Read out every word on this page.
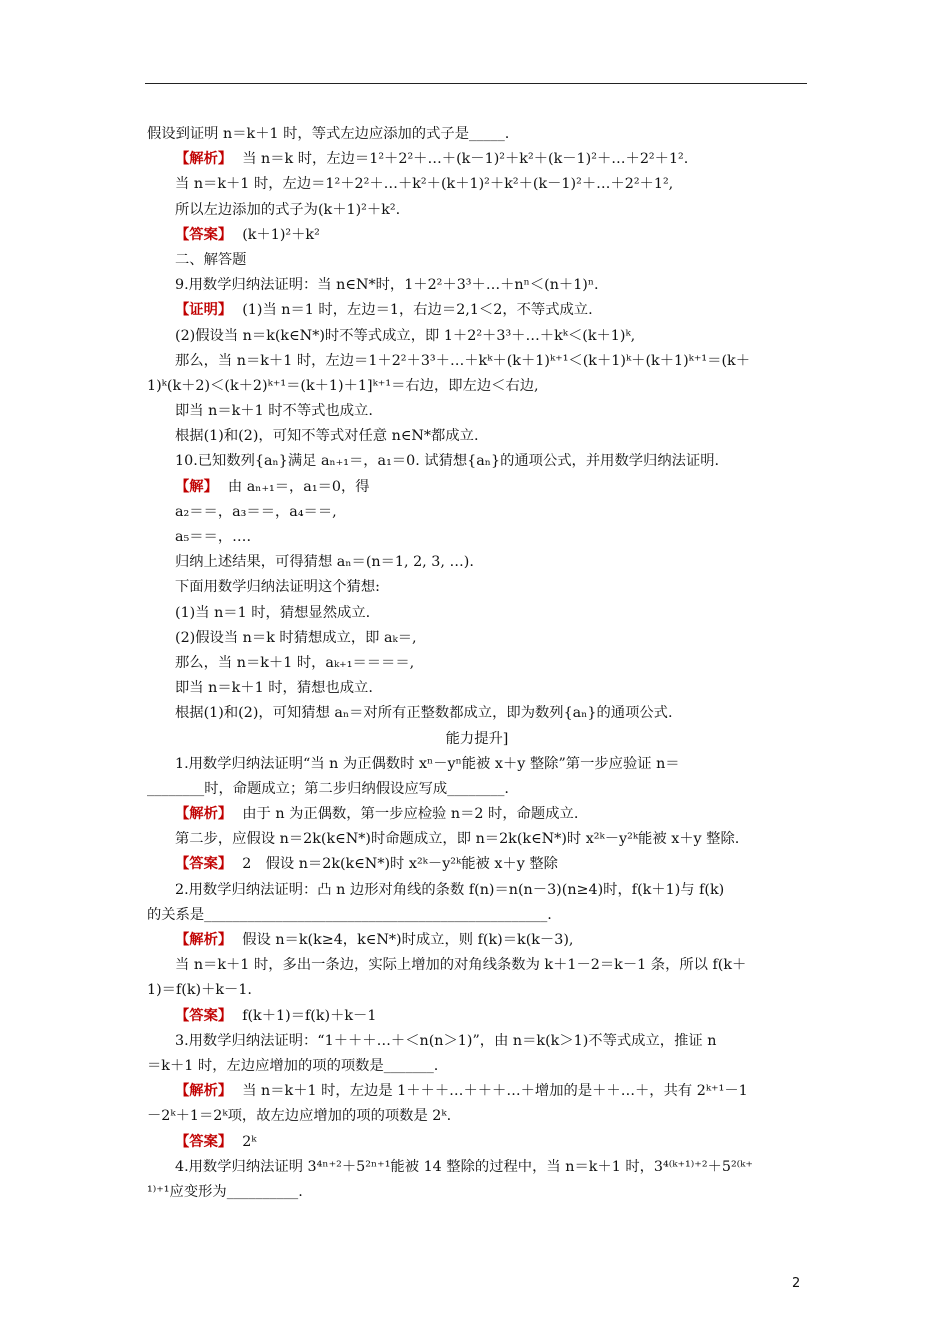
假设到证明 n＝k＋1 时，等式左边应添加的式子是_____.
【解析】 当 n＝k 时，左边＝1²＋2²＋…＋(k－1)²＋k²＋(k－1)²＋…＋2²＋1².
当 n＝k＋1 时，左边＝1²＋2²＋…＋k²＋(k＋1)²＋k²＋(k－1)²＋…＋2²＋1²,
所以左边添加的式子为(k＋1)²＋k².
【答案】 (k＋1)²＋k²
二、解答题
9.用数学归纳法证明：当 n∈N*时，1＋2²＋3³＋…＋nⁿ＜(n＋1)ⁿ.
【证明】 (1)当 n＝1 时，左边＝1，右边＝2,1＜2，不等式成立.
(2)假设当 n＝k(k∈N*)时不等式成立，即 1＋2²＋3³＋…＋kᵏ＜(k＋1)ᵏ,
那么，当 n＝k＋1 时，左边＝1＋2²＋3³＋…＋kᵏ＋(k＋1)ᵏ⁺¹＜(k＋1)ᵏ＋(k＋1)ᵏ⁺¹＝(k＋
1)ᵏ(k＋2)＜(k＋2)ᵏ⁺¹＝(k＋1)＋1]ᵏ⁺¹＝右边，即左边＜右边,
即当 n＝k＋1 时不等式也成立.
根据(1)和(2)，可知不等式对任意 n∈N*都成立.
10.已知数列{aₙ}满足 aₙ₊₁＝，a₁＝0. 试猜想{aₙ}的通项公式，并用数学归纳法证明.
【解】 由 aₙ₊₁＝，a₁＝0，得
a₂＝＝，a₃＝＝，a₄＝＝,
a₅＝＝，….
归纳上述结果，可得猜想 aₙ＝(n＝1, 2, 3, …).
下面用数学归纳法证明这个猜想:
(1)当 n＝1 时，猜想显然成立.
(2)假设当 n＝k 时猜想成立，即 aₖ＝,
那么，当 n＝k＋1 时，aₖ₊₁＝＝＝＝,
即当 n＝k＋1 时，猜想也成立.
根据(1)和(2)，可知猜想 aₙ＝对所有正整数都成立，即为数列{aₙ}的通项公式.
能力提升]
1.用数学归纳法证明“当 n 为正偶数时 xⁿ－yⁿ能被 x＋y 整除”第一步应验证 n＝
________时，命题成立；第二步归纳假设应写成________.
【解析】 由于 n 为正偶数，第一步应检验 n＝2 时，命题成立.
第二步，应假设 n＝2k(k∈N*)时命题成立，即 n＝2k(k∈N*)时 x²ᵏ－y²ᵏ能被 x＋y 整除.
【答案】 2　假设 n＝2k(k∈N*)时 x²ᵏ－y²ᵏ能被 x＋y 整除
2.用数学归纳法证明：凸 n 边形对角线的条数 f(n)＝n(n－3)(n≥4)时，f(k＋1)与 f(k)
的关系是________________________________________________.
【解析】 假设 n＝k(k≥4，k∈N*)时成立，则 f(k)＝k(k－3),
当 n＝k＋1 时，多出一条边，实际上增加的对角线条数为 k＋1－2＝k－1 条，所以 f(k＋
1)＝f(k)＋k－1.
【答案】 f(k＋1)＝f(k)＋k－1
3.用数学归纳法证明：“1＋＋＋…＋＜n(n＞1)”，由 n＝k(k＞1)不等式成立，推证 n
＝k＋1 时，左边应增加的项的项数是_______.
【解析】 当 n＝k＋1 时，左边是 1＋＋＋…＋＋＋…＋增加的是＋＋…＋，共有 2ᵏ⁺¹－1
－2ᵏ＋1＝2ᵏ项，故左边应增加的项的项数是 2ᵏ.
【答案】 2ᵏ
4.用数学归纳法证明 3⁴ⁿ⁺²＋5²ⁿ⁺¹能被 14 整除的过程中，当 n＝k＋1 时，3⁴⁽ᵏ⁺¹⁾⁺²＋5²⁽ᵏ⁺
¹⁾⁺¹应变形为__________.
2
